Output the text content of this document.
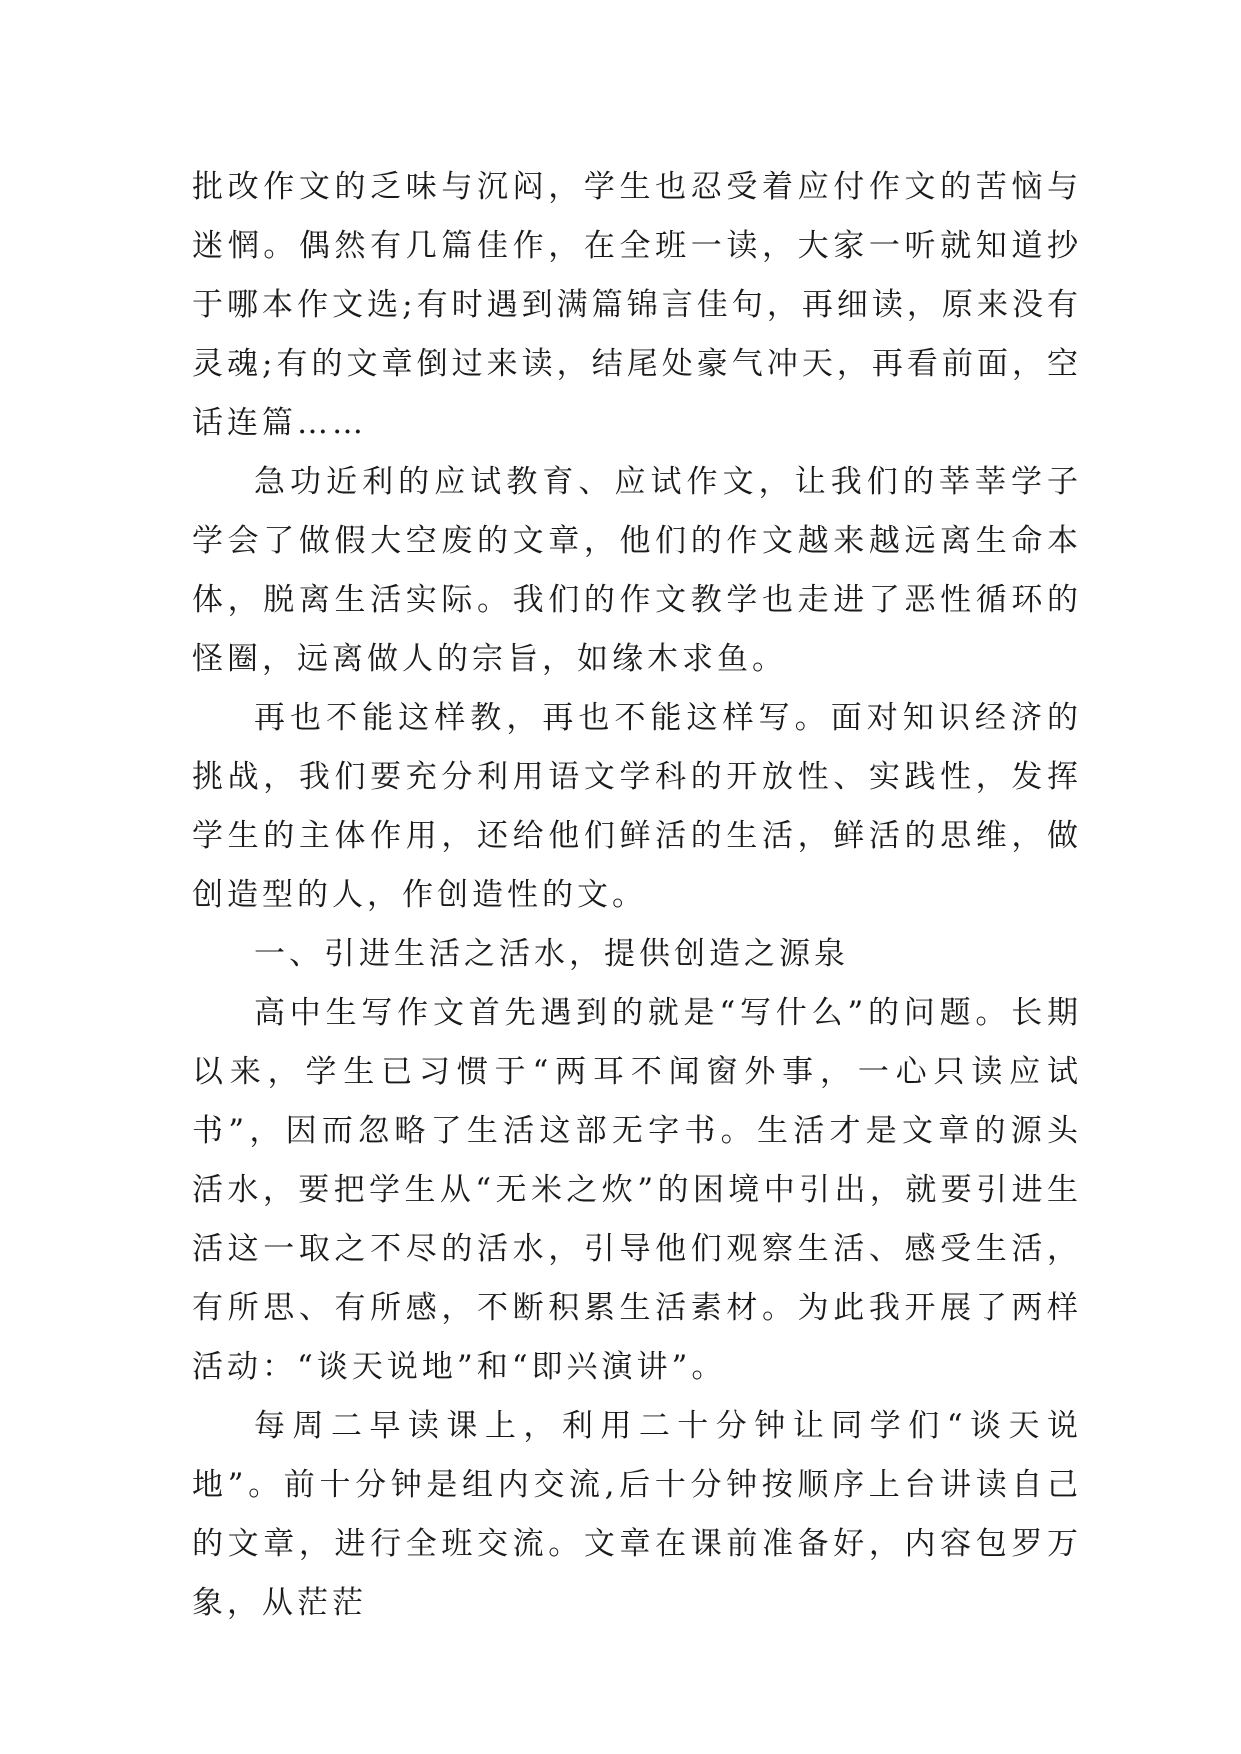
批改作文的乏味与沉闷，学生也忍受着应付作文的苦恼与迷惘。偶然有几篇佳作，在全班一读，大家一听就知道抄于哪本作文选;有时遇到满篇锦言佳句，再细读，原来没有灵魂;有的文章倒过来读，结尾处豪气冲天，再看前面，空话连篇……

急功近利的应试教育、应试作文，让我们的莘莘学子学会了做假大空废的文章，他们的作文越来越远离生命本体，脱离生活实际。我们的作文教学也走进了恶性循环的怪圈，远离做人的宗旨，如缘木求鱼。

再也不能这样教，再也不能这样写。面对知识经济的挑战，我们要充分利用语文学科的开放性、实践性，发挥学生的主体作用，还给他们鲜活的生活，鲜活的思维，做创造型的人，作创造性的文。

一、引进生活之活水，提供创造之源泉

高中生写作文首先遇到的就是“写什么”的问题。长期以来，学生已习惯于“两耳不闻窗外事，一心只读应试书”，因而忽略了生活这部无字书。生活才是文章的源头活水，要把学生从“无米之炊”的困境中引出，就要引进生活这一取之不尽的活水，引导他们观察生活、感受生活，有所思、有所感，不断积累生活素材。为此我开展了两样活动：“谈天说地”和“即兴演讲”。

每周二早读课上，利用二十分钟让同学们“谈天说地”。前十分钟是组内交流,后十分钟按顺序上台讲读自己的文章，进行全班交流。文章在课前准备好，内容包罗万象，从茫茫
